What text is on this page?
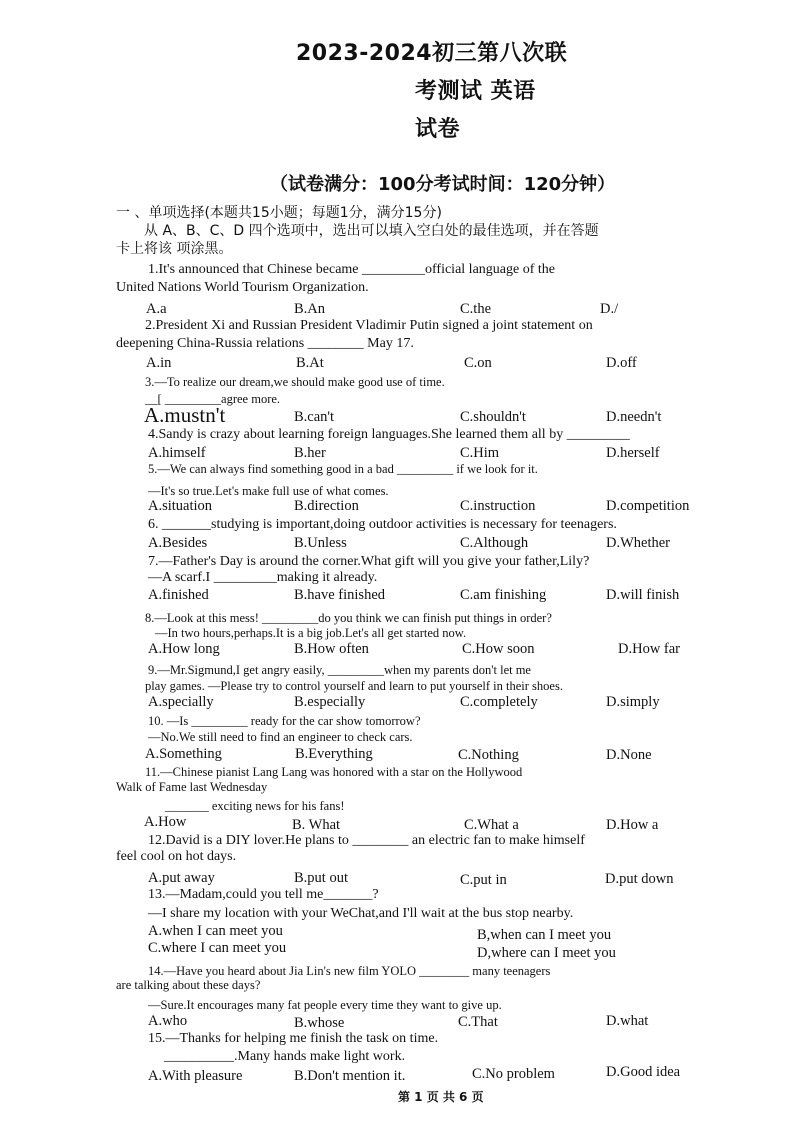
2023-2024初三第八次联
考测试 英语
试卷
（试卷满分：100分考试时间：120分钟）
一 、单项选择(本题共15小题；每题1分，满分15分)
从 A、B、C、D 四个选项中，选出可以填入空白处的最佳选项，并在答题
卡上将该 项涂黑。
1.It's announced that Chinese became _________official language of the
United Nations World Tourism Organization.
A.a	B.An	C.the	D./
2.President Xi and Russian President Vladimir Putin signed a joint statement on
deepening China-Russia relations ________ May 17.
A.in	B.At	C.on	D.off
3.—To realize our dream,we should make good use of time.
__[ _________agree more.
A.mustn't	B.can't	C.shouldn't	D.needn't
4.Sandy is crazy about learning foreign languages.She learned them all by _________
A.himself	B.her	C.Him	D.herself
5.—We can always find something good in a bad _________ if we look for it.
—It's so true.Let's make full use of what comes.
A.situation	B.direction	C.instruction	D.competition
6. _______studying is important,doing outdoor activities is necessary for teenagers.
A.Besides	B.Unless	C.Although	D.Whether
7.—Father's Day is around the corner.What gift will you give your father,Lily?
—A scarf.I _________making it already.
A.finished	B.have finished	C.am finishing	D.will finish
8.—Look at this mess! _________do you think we can finish put things in order?
—In two hours,perhaps.It is a big job.Let's all get started now.
A.How long	B.How often	C.How soon	D.How far
9.—Mr.Sigmund,I get angry easily, _________when my parents don't let me
play games. —Please try to control yourself and learn to put yourself in their shoes.
A.specially	B.especially	C.completely	D.simply
10. —Is _________ ready for the car show tomorrow?
—No.We still need to find an engineer to check cars.
A.Something	B.Everything	C.Nothing	D.None
11.—Chinese pianist Lang Lang was honored with a star on the Hollywood
Walk of Fame last Wednesday
_______ exciting news for his fans!
A.How	B. What	C.What a	D.How a
12.David is a DIY lover.He plans to ________ an electric fan to make himself
feel cool on hot days.
A.put away	B.put out	C.put in	D.put down
13.—Madam,could you tell me_______?
—I share my location with your WeChat,and I'll wait at the bus stop nearby.
A.when I can meet you	B,when can I meet you
C.where I can meet you	D,where can I meet you
14.—Have you heard about Jia Lin's new film YOLO ________ many teenagers
are talking about these days?
—Sure.It encourages many fat people every time they want to give up.
A.who	B.whose	C.That	D.what
15.—Thanks for helping me finish the task on time.
__________.Many hands make light work.
A.With pleasure	B.Don't mention it.	C.No problem	D.Good idea
第 1 页 共 6 页
